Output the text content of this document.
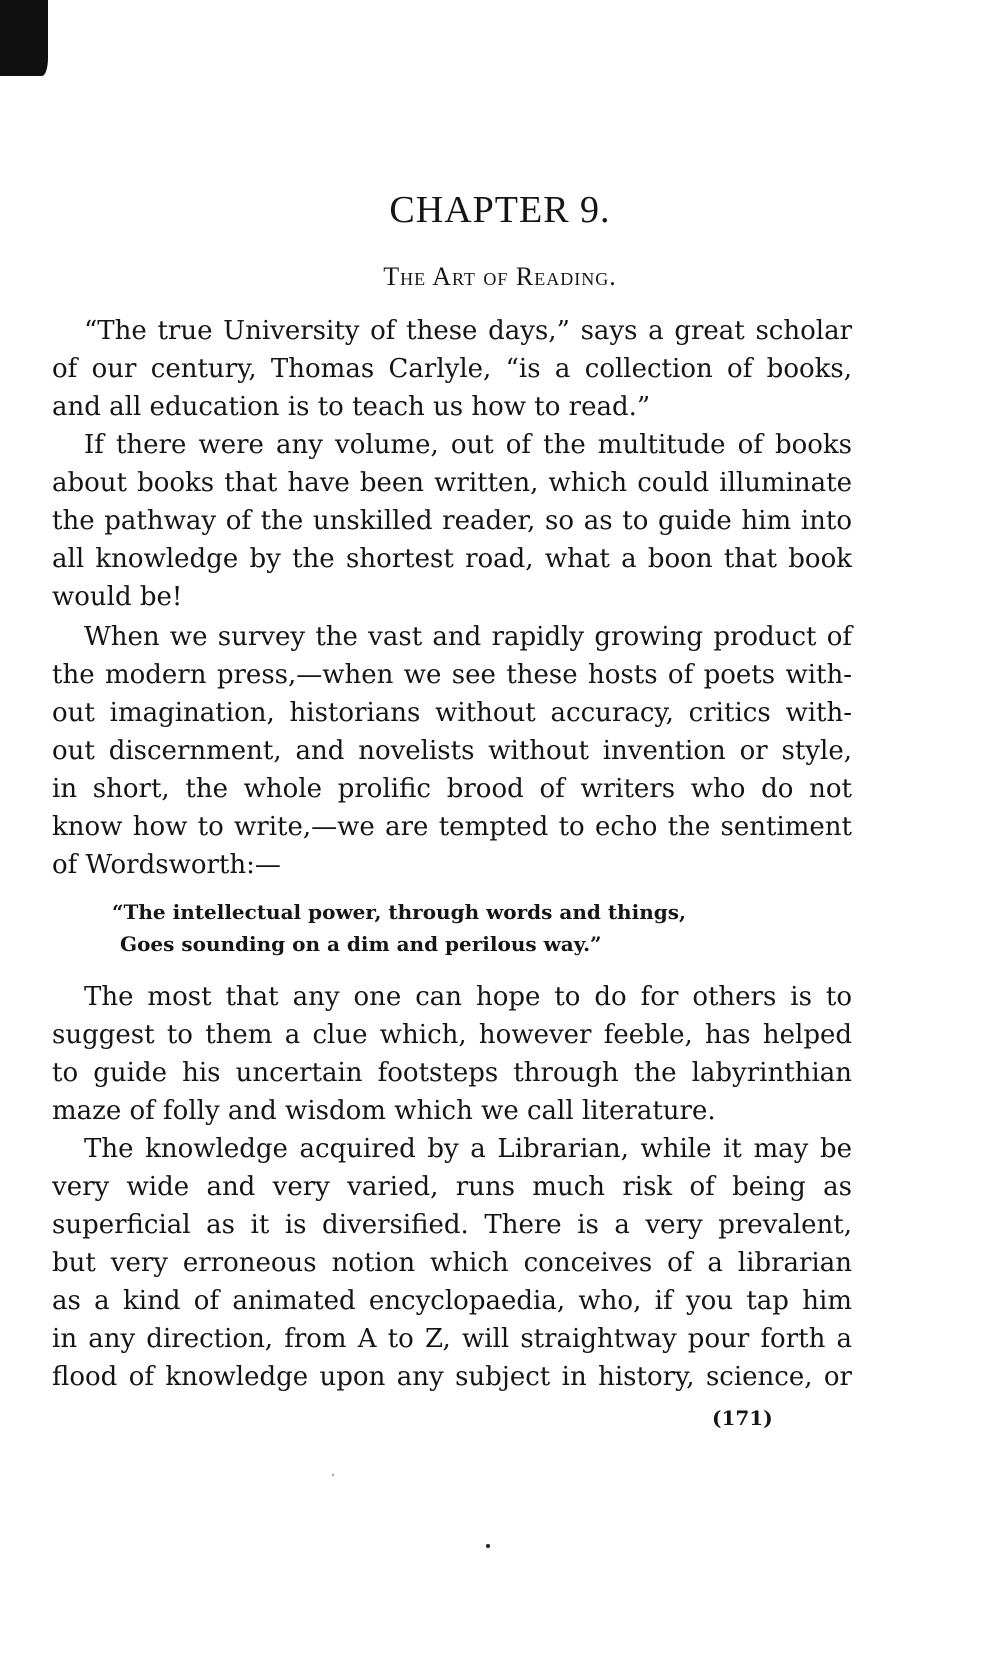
CHAPTER 9.
The Art of Reading.

“The true University of these days,” says a great scholar
of our century, Thomas Carlyle, “is a collection of books,
and all education is to teach us how to read.”

If there were any volume, out of the multitude of books
about books that have been written, which could illuminate
the pathway of the unskilled reader, so as to guide him into
all knowledge by the shortest road, what a boon that book
would be!

When we survey the vast and rapidly growing product of
the modern press,—when we see these hosts of poets with-
out imagination, historians without accuracy, critics with-
out discernment, and novelists without invention or style,
in short, the whole prolific brood of writers who do not
know how to write,—we are tempted to echo the sentiment
of Wordsworth:—

“The intellectual power, through words and things,
Goes sounding on a dim and perilous way.”

The most that any one can hope to do for others is to
suggest to them a clue which, however feeble, has helped
to guide his uncertain footsteps through the labyrinthian
maze of folly and wisdom which we call literature.

The knowledge acquired by a Librarian, while it may be
very wide and very varied, runs much risk of being as
superficial as it is diversified. There is a very prevalent,
but very erroneous notion which conceives of a librarian
as a kind of animated encyclopaedia, who, if you tap him
in any direction, from A to Z, will straightway pour forth a
flood of knowledge upon any subject in history, science, or

(171)
